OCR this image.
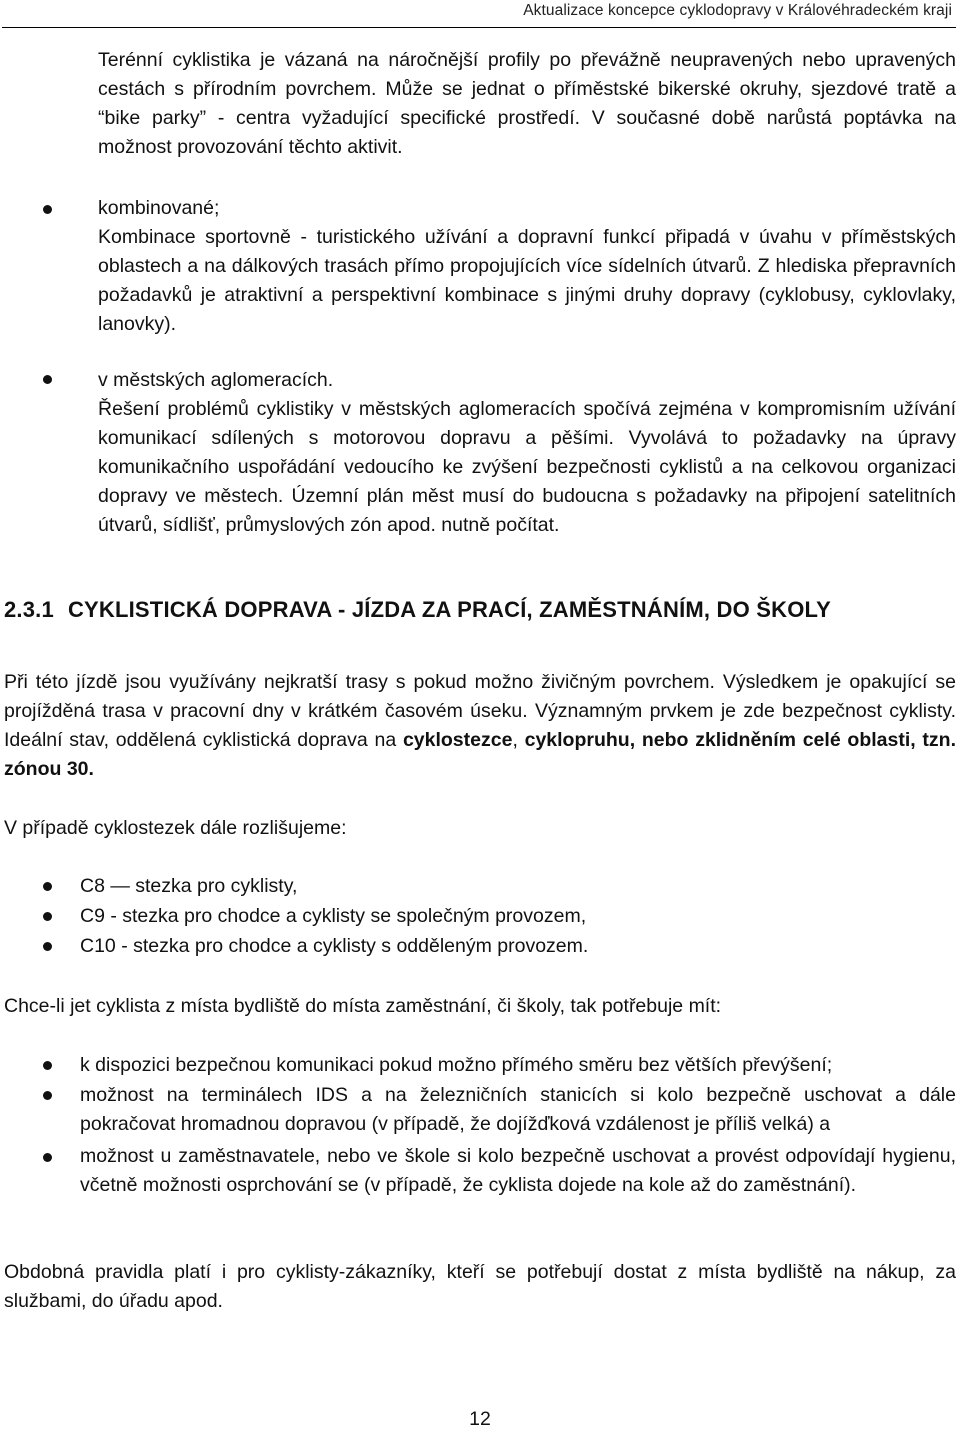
Aktualizace koncepce cyklodopravy v Královéhradeckém kraji

Terénní cyklistika je vázaná na náročnější profily po převážně neupravených nebo upravených cestách s přírodním povrchem. Může se jednat o příměstské bikerské okruhy, sjezdové tratě a “bike parky” - centra vyžadující specifické prostředí. V současné době narůstá poptávka na možnost provozování těchto aktivit.

kombinované;

Kombinace sportovně - turistického užívání a dopravní funkcí připadá v úvahu v příměstských oblastech a na dálkových trasách přímo propojujících více sídelních útvarů. Z hlediska přepravních požadavků je atraktivní a perspektivní kombinace s jinými druhy dopravy (cyklobusy, cyklovlaky, lanovky).

v městských aglomeracích.

Řešení problémů cyklistiky v městských aglomeracích spočívá zejména v kompromisním užívání komunikací sdílených s motorovou dopravu a pěšími. Vyvolává to požadavky na úpravy komunikačního uspořádání vedoucího ke zvýšení bezpečnosti cyklistů a na celkovou organizaci dopravy ve městech. Územní plán měst musí do budoucna s požadavky na připojení satelitních útvarů, sídlišť, průmyslových zón apod. nutně počítat.

2.3.1 CYKLISTICKÁ DOPRAVA - JÍZDA ZA PRACÍ, ZAMĚSTNÁNÍM, DO ŠKOLY

Při této jízdě jsou využívány nejkratší trasy s pokud možno živičným povrchem. Výsledkem je opakující se projížděná trasa v pracovní dny v krátkém časovém úseku. Významným prvkem je zde bezpečnost cyklisty. Ideální stav, oddělená cyklistická doprava na cyklostezce, cyklopruhu, nebo zklidněním celé oblasti, tzn. zónou 30.

V případě cyklostezek dále rozlišujeme:

C8 — stezka pro cyklisty,

C9 - stezka pro chodce a cyklisty se společným provozem,

C10 - stezka pro chodce a cyklisty s odděleným provozem.

Chce-li jet cyklista z místa bydliště do místa zaměstnání, či školy, tak potřebuje mít:

k dispozici bezpečnou komunikaci pokud možno přímého směru bez větších převýšení;

možnost na terminálech IDS a na železničních stanicích si kolo bezpečně uschovat a dále pokračovat hromadnou dopravou (v případě, že dojížďková vzdálenost je příliš velká) a

možnost u zaměstnavatele, nebo ve škole si kolo bezpečně uschovat a provést odpovídají hygienu, včetně možnosti osprchování se (v případě, že cyklista dojede na kole až do zaměstnání).

Obdobná pravidla platí i pro cyklisty-zákazníky, kteří se potřebují dostat z místa bydliště na nákup, za službami, do úřadu apod.

12
